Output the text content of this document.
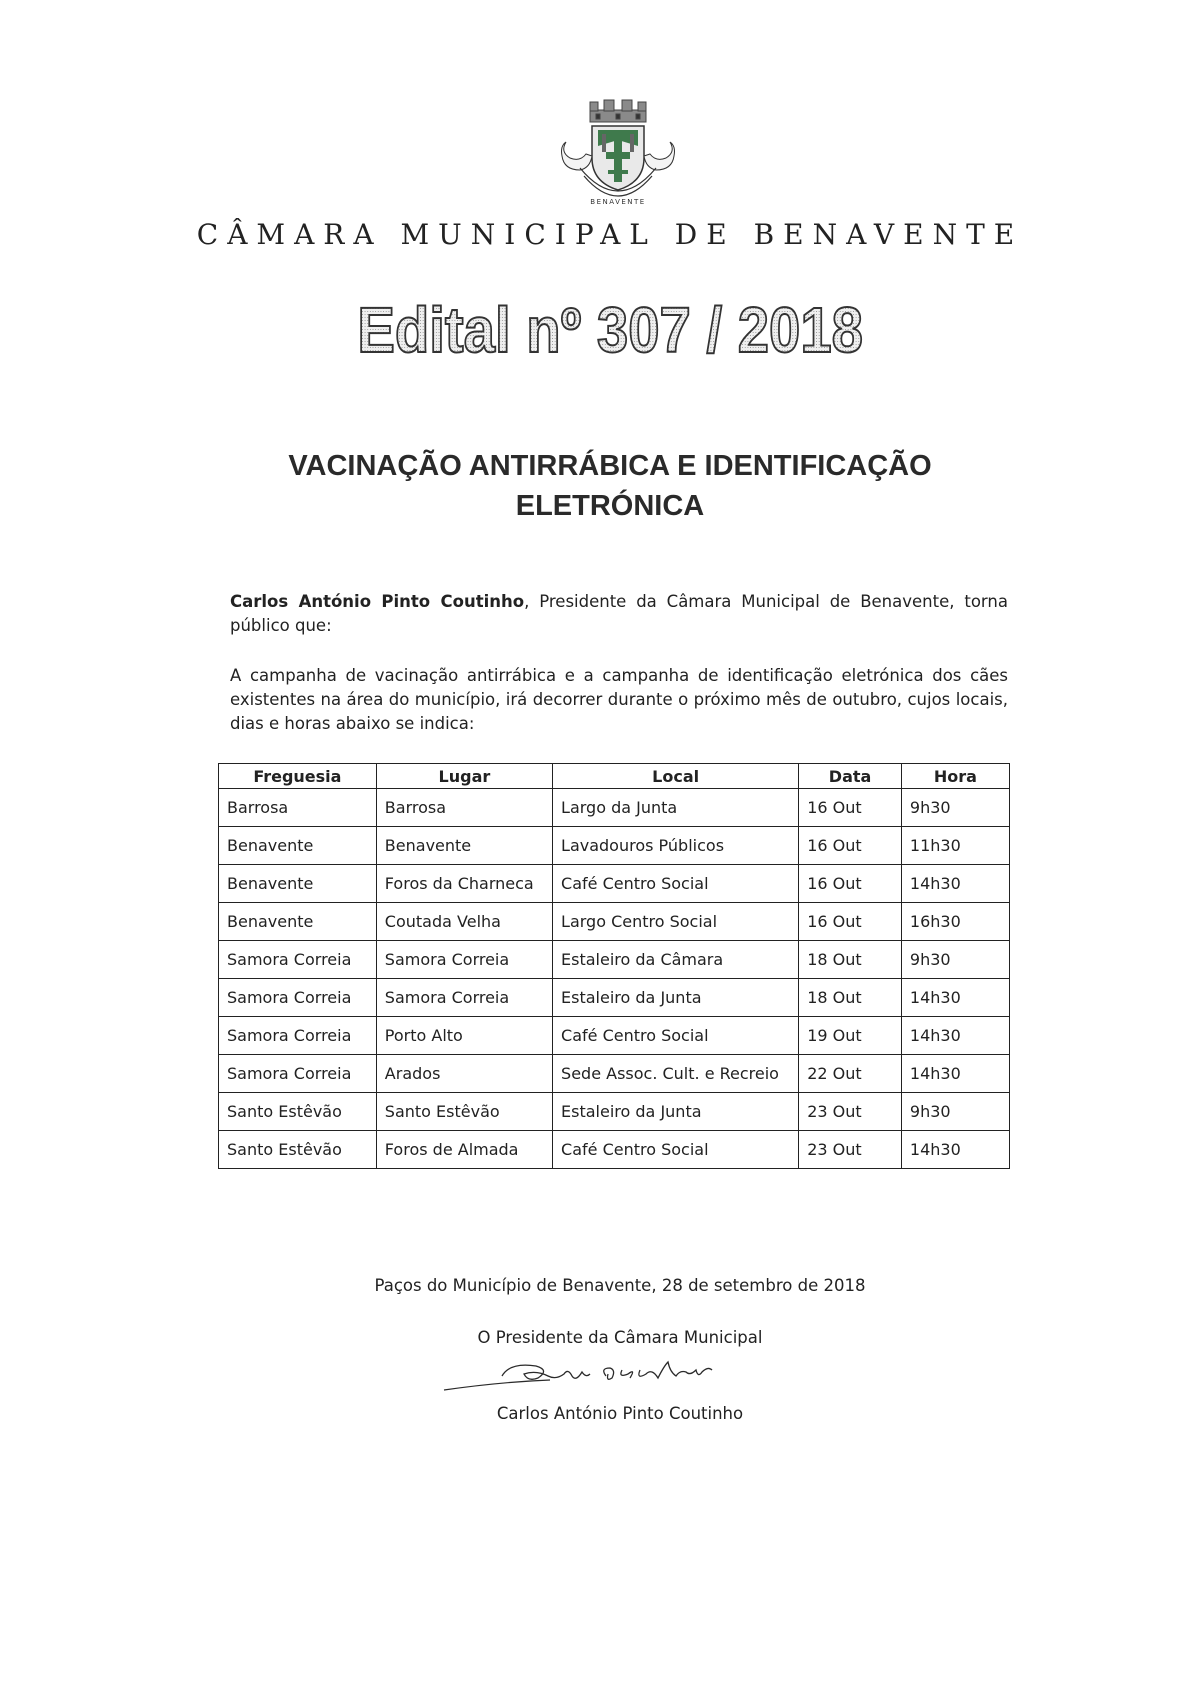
BENAVENTE
CÂMARA MUNICIPAL DE BENAVENTE
Edital nº 307 / 2018
VACINAÇÃO ANTIRRÁBICA E IDENTIFICAÇÃO
ELETRÓNICA
Carlos António Pinto Coutinho, Presidente da Câmara Municipal de Benavente, torna público que:
A campanha de vacinação antirrábica e a campanha de identificação eletrónica dos cães existentes na área do município, irá decorrer durante o próximo mês de outubro, cujos locais, dias e horas abaixo se indica:
Freguesia	Lugar	Local	Data	Hora
Barrosa	Barrosa	Largo da Junta	16 Out	9h30
Benavente	Benavente	Lavadouros Públicos	16 Out	11h30
Benavente	Foros da Charneca	Café Centro Social	16 Out	14h30
Benavente	Coutada Velha	Largo Centro Social	16 Out	16h30
Samora Correia	Samora Correia	Estaleiro da Câmara	18 Out	9h30
Samora Correia	Samora Correia	Estaleiro da Junta	18 Out	14h30
Samora Correia	Porto Alto	Café Centro Social	19 Out	14h30
Samora Correia	Arados	Sede Assoc. Cult. e Recreio	22 Out	14h30
Santo Estêvão	Santo Estêvão	Estaleiro da Junta	23 Out	9h30
Santo Estêvão	Foros de Almada	Café Centro Social	23 Out	14h30
Paços do Município de Benavente, 28 de setembro de 2018
O Presidente da Câmara Municipal
Carlos António Pinto Coutinho
